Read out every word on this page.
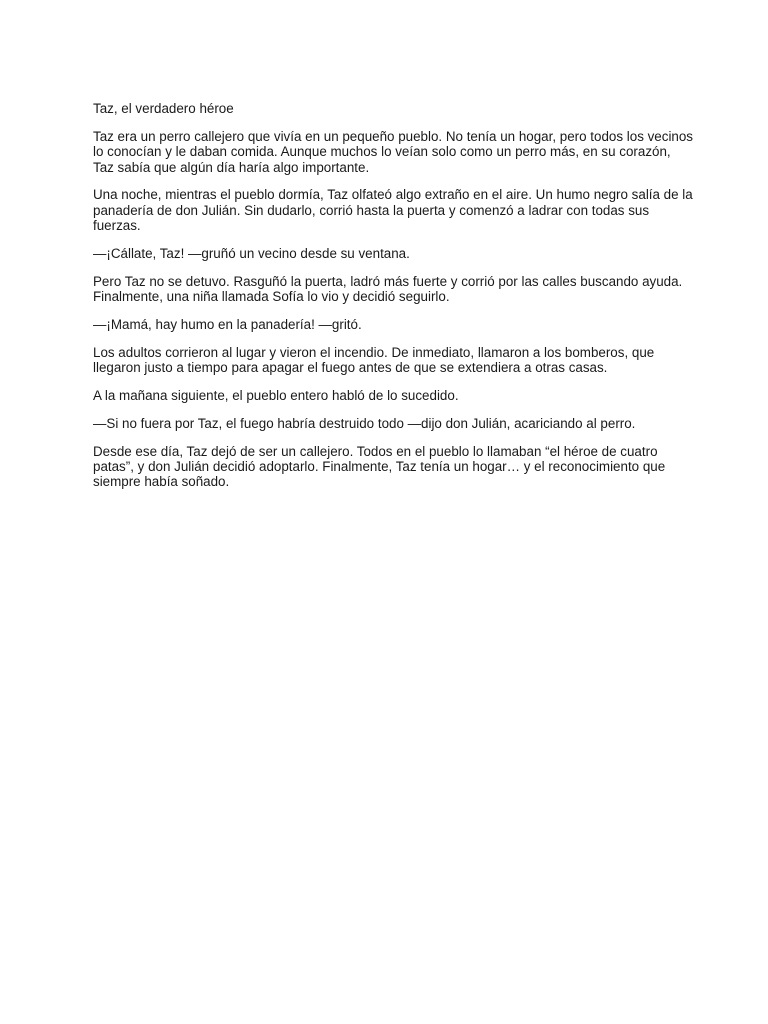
Taz, el verdadero héroe

Taz era un perro callejero que vivía en un pequeño pueblo. No tenía un hogar, pero todos los vecinos lo conocían y le daban comida. Aunque muchos lo veían solo como un perro más, en su corazón, Taz sabía que algún día haría algo importante.

Una noche, mientras el pueblo dormía, Taz olfateó algo extraño en el aire. Un humo negro salía de la panadería de don Julián. Sin dudarlo, corrió hasta la puerta y comenzó a ladrar con todas sus fuerzas.

—¡Cállate, Taz! —gruñó un vecino desde su ventana.

Pero Taz no se detuvo. Rasguñó la puerta, ladró más fuerte y corrió por las calles buscando ayuda. Finalmente, una niña llamada Sofía lo vio y decidió seguirlo.

—¡Mamá, hay humo en la panadería! —gritó.

Los adultos corrieron al lugar y vieron el incendio. De inmediato, llamaron a los bomberos, que llegaron justo a tiempo para apagar el fuego antes de que se extendiera a otras casas.

A la mañana siguiente, el pueblo entero habló de lo sucedido.

—Si no fuera por Taz, el fuego habría destruido todo —dijo don Julián, acariciando al perro.

Desde ese día, Taz dejó de ser un callejero. Todos en el pueblo lo llamaban “el héroe de cuatro patas”, y don Julián decidió adoptarlo. Finalmente, Taz tenía un hogar… y el reconocimiento que siempre había soñado.
